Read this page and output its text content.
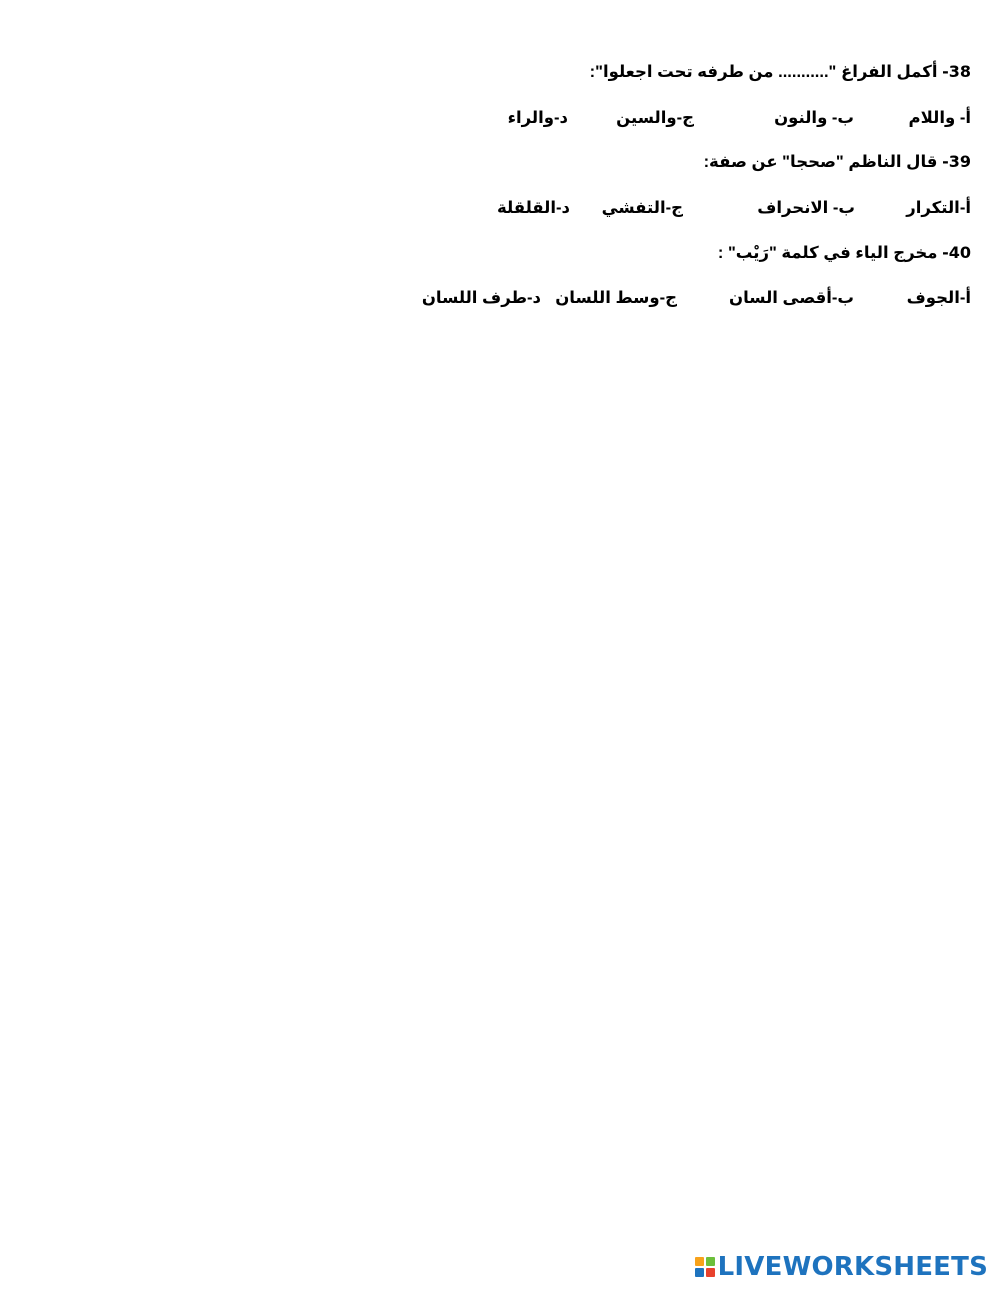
38- أكمل الفراغ "........... من طرفه تحت اجعلوا":
أ- واللام
ب- والنون
ج-والسين
د-والراء
39- قال الناظم "صحجا" عن صفة:
أ-التكرار
ب- الانحراف
ج-التفشي
د-القلقلة
40- مخرج الياء في كلمة "رَيْب" :
أ-الجوف
ب-أقصى السان
ج-وسط اللسان
د-طرف اللسان
LIVEWORKSHEETS
